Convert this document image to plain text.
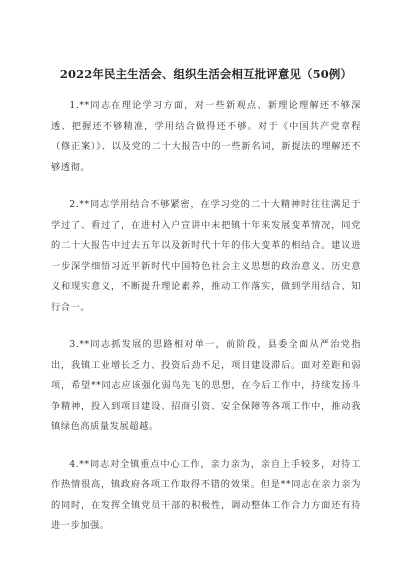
2022年民主生活会、组织生活会相互批评意见（50例）

1.**同志在理论学习方面，对一些新观点、新理论理解还不够深透、把握还不够精准，学用结合做得还不够。对于《中国共产党章程（修正案）》、以及党的二十大报告中的一些新名词，新提法的理解还不够透彻。

2.**同志学用结合不够紧密，在学习党的二十大精神时往往满足于学过了、看过了，在进村入户宣讲中未把镇十年来发展变革情况，同党的二十大报告中过去五年以及新时代十年的伟大变革的相结合。建议进一步深学细悟习近平新时代中国特色社会主义思想的政治意义、历史意义和现实意义，不断提升理论素养，推动工作落实，做到学用结合、知行合一。

3.**同志抓发展的思路相对单一，前阶段，县委全面从严治党指出，我镇工业增长乏力、投资后劲不足，项目建设滞后。面对差距和弱项，希望**同志应该强化弱鸟先飞的思想，在今后工作中，持续发扬斗争精神，投入到项目建设、招商引资、安全保障等各项工作中，推动我镇绿色高质量发展超越。

4.**同志对全镇重点中心工作，亲力亲为，亲自上手较多，对待工作热情很高，镇政府各项工作取得不错的效果。但是**同志在亲力亲为的同时，在发挥全镇党员干部的积极性，调动整体工作合力方面还有待进一步加强。
